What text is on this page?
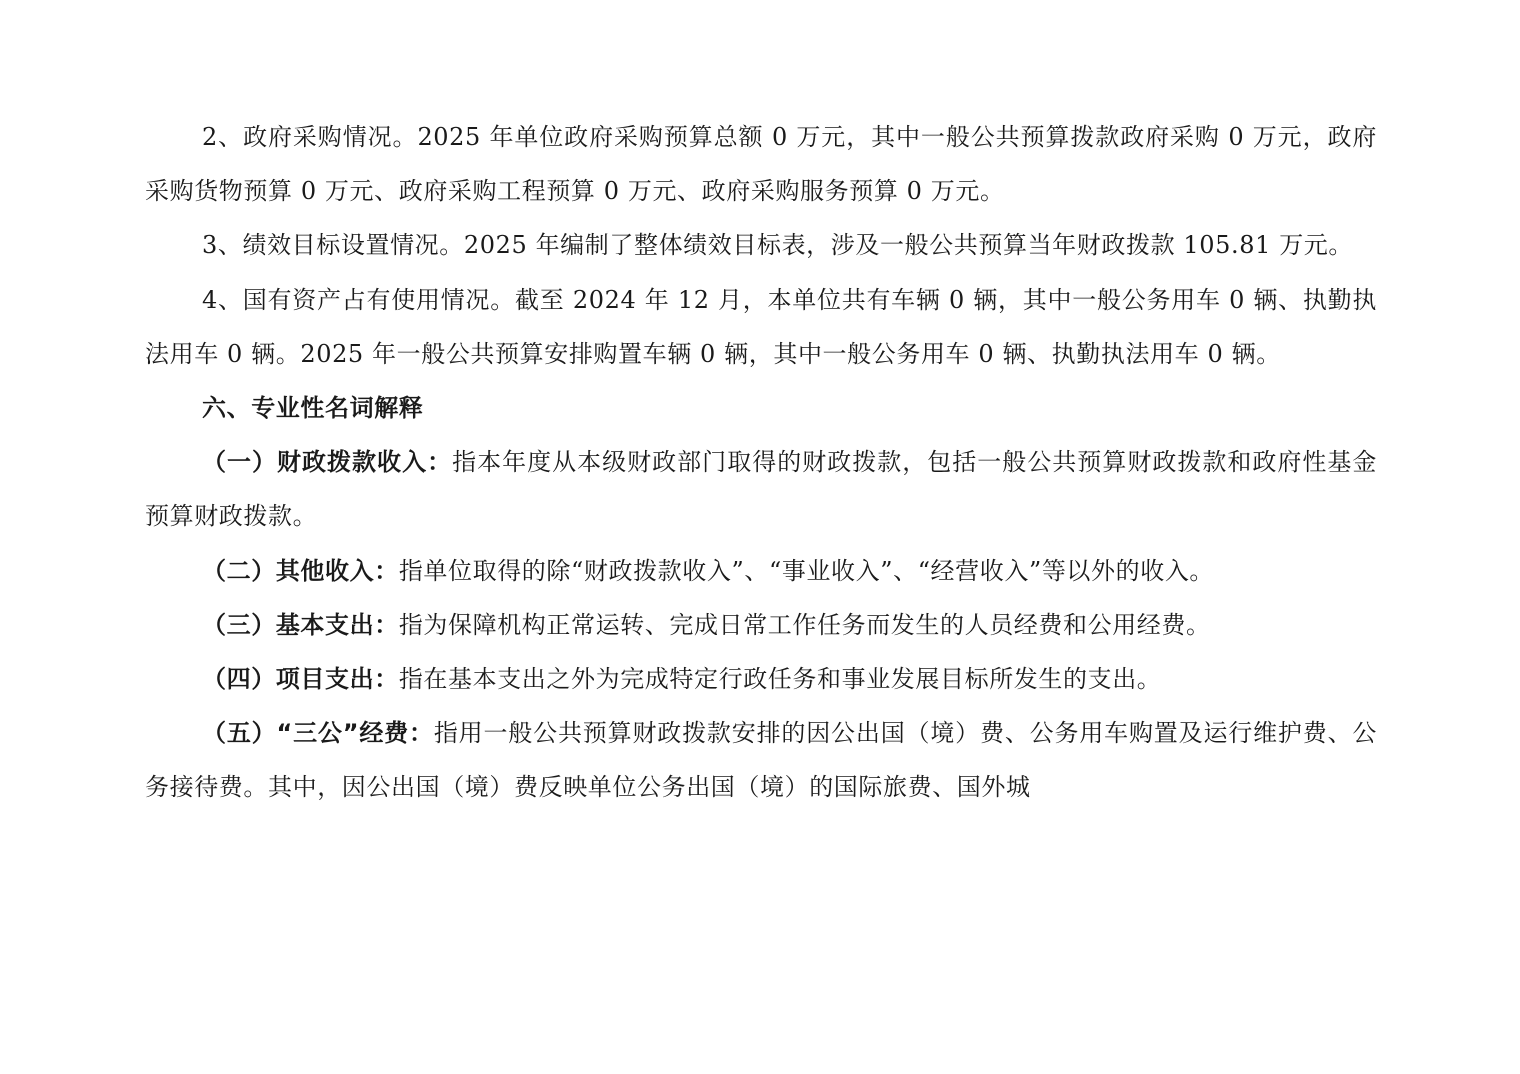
2、政府采购情况。2025 年单位政府采购预算总额 0 万元，其中一般公共预算拨款政府采购 0 万元，政府采购货物预算 0 万元、政府采购工程预算 0 万元、政府采购服务预算 0 万元。

3、绩效目标设置情况。2025 年编制了整体绩效目标表，涉及一般公共预算当年财政拨款 105.81 万元。

4、国有资产占有使用情况。截至 2024 年 12 月，本单位共有车辆 0 辆，其中一般公务用车 0 辆、执勤执法用车 0 辆。2025 年一般公共预算安排购置车辆 0 辆，其中一般公务用车 0 辆、执勤执法用车 0 辆。

六、专业性名词解释

（一）财政拨款收入：指本年度从本级财政部门取得的财政拨款，包括一般公共预算财政拨款和政府性基金预算财政拨款。

（二）其他收入：指单位取得的除“财政拨款收入”、“事业收入”、“经营收入”等以外的收入。

（三）基本支出：指为保障机构正常运转、完成日常工作任务而发生的人员经费和公用经费。

（四）项目支出：指在基本支出之外为完成特定行政任务和事业发展目标所发生的支出。

（五）“三公”经费：指用一般公共预算财政拨款安排的因公出国（境）费、公务用车购置及运行维护费、公务接待费。其中，因公出国（境）费反映单位公务出国（境）的国际旅费、国外城
